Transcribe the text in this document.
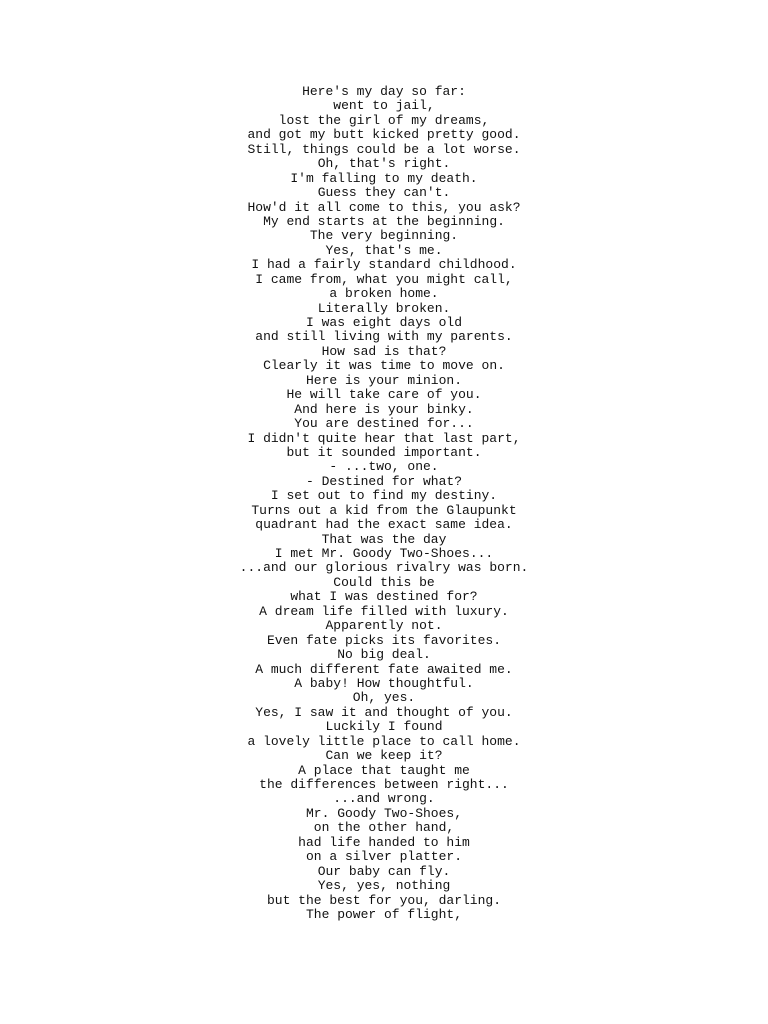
Here's my day so far:
went to jail,
lost the girl of my dreams,
and got my butt kicked pretty good.
Still, things could be a lot worse.
Oh, that's right.
I'm falling to my death.
Guess they can't.
How'd it all come to this, you ask?
My end starts at the beginning.
The very beginning.
Yes, that's me.
I had a fairly standard childhood.
I came from, what you might call,
a broken home.
Literally broken.
I was eight days old
and still living with my parents.
How sad is that?
Clearly it was time to move on.
Here is your minion.
He will take care of you.
And here is your binky.
You are destined for...
I didn't quite hear that last part,
but it sounded important.
- ...two, one.
- Destined for what?
I set out to find my destiny.
Turns out a kid from the Glaupunkt
quadrant had the exact same idea.
That was the day
I met Mr. Goody Two-Shoes...
...and our glorious rivalry was born.
Could this be
what I was destined for?
A dream life filled with luxury.
Apparently not.
Even fate picks its favorites.
No big deal.
A much different fate awaited me.
A baby! How thoughtful.
Oh, yes.
Yes, I saw it and thought of you.
Luckily I found
a lovely little place to call home.
Can we keep it?
A place that taught me
the differences between right...
...and wrong.
Mr. Goody Two-Shoes,
on the other hand,
had life handed to him
on a silver platter.
Our baby can fly.
Yes, yes, nothing
but the best for you, darling.
The power of flight,
